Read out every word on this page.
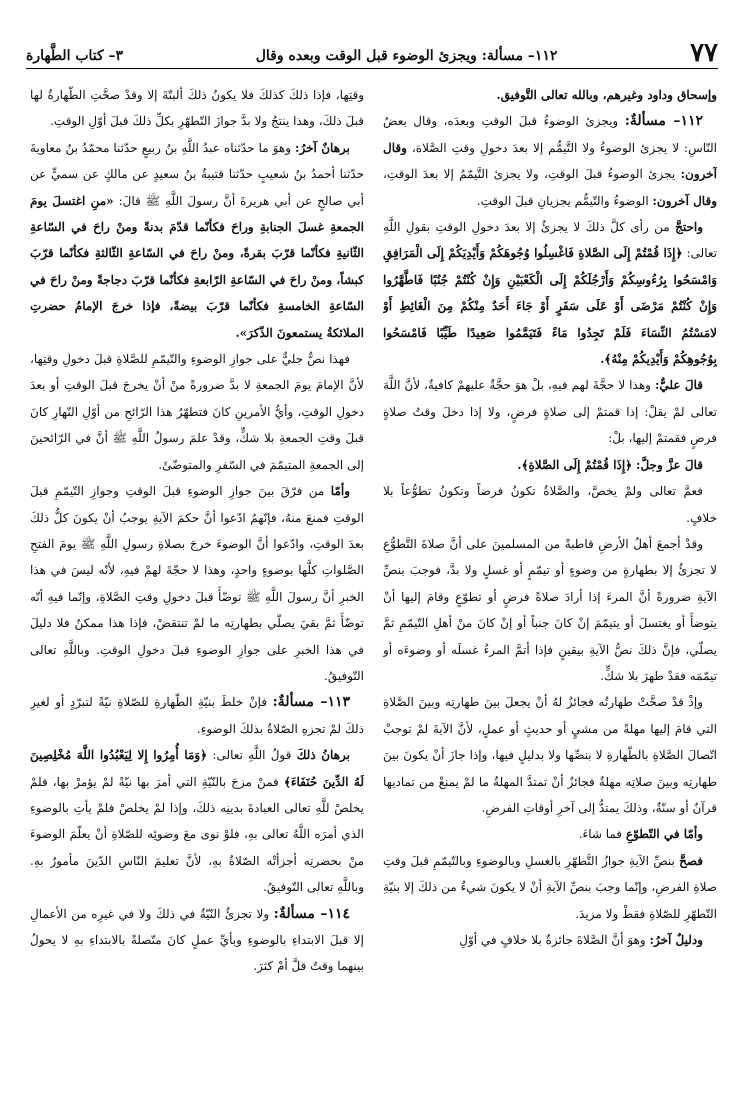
٧٧
١١٢– مسألة: ويجزئ الوضوء قبل الوقت وبعده وقال
٣– كتاب الطَّهارة

وإسحاق وداود وغيرهم، وبالله تعالى التَّوفيق.

١١٢– مسألةٌ: ويجزئ الوضوءُ قبلَ الوقتِ وبعدَه، وقال بعضُ النّاسِ: لا يجزئ الوضوءُ ولا التَّيمُّم إلا بعدَ دخولِ وقتِ الصَّلاة، وقال آخرون: يجزئ الوضوءُ قبلَ الوقتِ، ولا يجزئ التَّيمّمُ إلا بعدَ الوقتِ، وقال آخرون: الوضوءُ والتّيمُّم يجزيانِ قبلَ الوقتِ.

واحتجَّ من رأى كلَّ ذلكَ لا يجزئُ إلا بعدَ دخولِ الوقتِ بقولِ اللَّهِ تعالى: ﴿إِذَا قُمْتُمْ إِلَى الصَّلاةِ فَاغْسِلُوا وُجُوهَكُمْ وَأَيْدِيَكُمْ إِلَى الْمَرَافِقِ وَامْسَحُوا بِرُءُوسِكُمْ وَأَرْجُلَكُمْ إِلَى الْكَعْبَيْنِ وَإِنْ كُنْتُمْ جُنُبًا فَاطَّهَّرُوا وَإِنْ كُنْتُمْ مَرْضَى أَوْ عَلَى سَفَرٍ أَوْ جَاءَ أَحَدٌ مِنْكُمْ مِنَ الْغَائِطِ أَوْ لامَسْتُمُ النِّسَاءَ فَلَمْ تَجِدُوا مَاءً فَتَيَمَّمُوا صَعِيدًا طَيِّبًا فَامْسَحُوا بِوُجُوهِكُمْ وَأَيْدِيكُمْ مِنْهُ﴾.

قالَ عليٌّ: وهذا لا حجَّةَ لهم فيهِ، بلْ هوَ حجَّةٌ عليهمْ كافيةٌ، لأنَّ اللَّهَ تعالى لمْ يقلْ: إذا قمتمْ إلى صلاةٍ فرضٍ، ولا إذا دخلَ وقتُ صلاةٍ فرضٍ فقمتمْ إليها، بلْ:

قالَ عزَّ وجلَّ: ﴿إِذَا قُمْتُمْ إِلَى الصَّلاةِ﴾.

فعمَّ تعالى ولمْ يخصَّ، والصَّلاةُ تكونُ فرضاً وتكونُ تطوُّعاً بلا خلافٍ.

وقدْ أجمعَ أهلُ الأرضِ قاطبةً من المسلمينَ على أنَّ صلاةَ التَّطوُّعِ لا تجزئُ إلا بطهارةٍ من وضوءٍ أو تيمّمٍ أو غسلٍ ولا بدَّ، فوجبَ بنصِّ الآيةِ ضرورةً أنَّ المرءَ إذا أرادَ صلاةً فرضٍ أو تطوّعٍ وقامَ إليها أنْ يتوضأَ أو يغتسلَ أو يتيمّمَ إنْ كانَ جنباً أو إنْ كانَ منْ أهلِ التّيمّمِ ثمَّ يصلّي، فإنَّ ذلكَ نصُّ الآيةِ بيقينٍ فإذا أتمَّ المرءُ غسلَه أو وضوءَه أو تيمّمَه فقدْ طهرَ بلا شكٍّ.

وإذْ قدْ صحَّتْ طهارتُه فجائزٌ لهُ أنْ يجعلَ بينَ طهارتِه وبينَ الصَّلاةِ التي قامَ إليها مهلةً من مشيٍ أو حديثٍ أو عملٍ، لأنَّ الآيةَ لمْ توجبْ اتّصالَ الصَّلاةِ بالطّهارةِ لا بنصِّها ولا بدليلٍ فيها، وإذا جازَ أنْ يكونَ بينَ طهارتِه وبينَ صلاتِه مهلةٌ فجائزٌ أنْ تمتدَّ المهلةُ ما لمْ يمنعْ من تماديها قرآنٌ أو سنّةٌ، وذلكَ يمتدُّ إلى آخرِ أوقاتِ الفرضِ.

وأمّا في التّطوّعِ فما شاءَ.

فصحَّ بنصِّ الآيةِ جوازُ التَّطهّرِ بالغسلِ وبالوضوءِ وبالتّيمّمِ قبلَ وقتِ صلاةِ الفرضِ، وإنّما وجبَ بنصِّ الآيةِ أنْ لا يكونَ شيءٌ من ذلكَ إلا بنيّةِ التّطهّرِ للصّلاةِ فقطْ ولا مزيدَ.

ودليلٌ آخرُ: وهوَ أنَّ الصَّلاةَ جائزةٌ بلا خلافٍ في أوّلِ

وقتِها، فإذا ذلكَ كذلكَ فلا يكونُ ذلكَ ألبتّةَ إلا وقدْ صحَّتِ الطّهارةُ لها قبلَ ذلكَ، وهذا ينتجُ ولا بدَّ جوازَ التّطهّرِ بكلِّ ذلكَ قبلَ أوّلِ الوقتِ.

برهانٌ آخرُ: وهوَ ما حدّثناه عبدُ اللَّهِ بنُ ربيعٍ حدّثنا محمّدُ بنُ معاويةَ حدّثنا أحمدُ بنُ شعيبٍ حدّثنا قتيبةُ بنُ سعيدٍ عن مالكٍ عن سميٍّ عن أبي صالحٍ عن أبي هريرةَ أنَّ رسولَ اللَّهِ ﷺ قالَ: «منِ اغتسلَ يومَ الجمعةِ غسلَ الجنابةِ وراحَ فكأنّما قدّمَ بدنةً ومنْ راحَ في السّاعةِ الثّانيةِ فكأنّما قرّبَ بقرةً، ومنْ راحَ في السّاعةِ الثّالثةِ فكأنّما قرّبَ كبشاً، ومنْ راحَ في السّاعةِ الرّابعةِ فكأنّما قرّبَ دجاجةً ومنْ راحَ في السّاعةِ الخامسةِ فكأنّما قرّبَ بيضةً، فإذا خرجَ الإمامُ حضرتِ الملائكةُ يستمعونَ الذّكرَ».

فهذا نصٌّ جليٌّ على جوازِ الوضوءِ والتّيمّمِ للصَّلاةِ قبلَ دخولِ وقتِها، لأنَّ الإمامَ يومَ الجمعةِ لا بدَّ ضرورةً منْ أنْ يخرجَ قبلَ الوقتِ أو بعدَ دخولِ الوقتِ، وأيُّ الأمرينِ كانَ فتطهّرُ هذا الرّائحِ من أوّلِ النّهارِ كانَ قبلَ وقتِ الجمعةِ بلا شكٍّ، وقدْ علمَ رسولُ اللَّهِ ﷺ أنَّ في الرّائحينَ إلى الجمعةِ المتيمّمَ في السّفرِ والمتوضّئَ.

وأمّا من فرّقَ بينَ جوازِ الوضوءِ قبلَ الوقتِ وجوازِ التّيمّمِ قبلَ الوقتِ فمنعَ منهُ، فإنّهمُ ادّعوا أنَّ حكمَ الآيةِ يوجبُ أنْ يكونَ كلُّ ذلكَ بعدَ الوقتِ، وادّعوا أنَّ الوضوءَ خرجَ بصلاةِ رسولِ اللَّهِ ﷺ يومَ الفتحِ الصَّلواتِ كلَّها بوضوءٍ واحدٍ، وهذا لا حجّةَ لهمْ فيهِ، لأنّه ليسَ في هذا الخبرِ أنَّ رسولَ اللَّهِ ﷺ توضّأَ قبلَ دخولِ وقتِ الصَّلاةِ، وإنّما فيهِ أنّه توضّأَ ثمَّ بقيَ يصلّي بطهارتِه ما لمْ تنتقضْ، فإذا هذا ممكنٌ فلا دليلَ في هذا الخبرِ على جوازِ الوضوءِ قبلَ دخولِ الوقتِ. وباللَّهِ تعالى التّوفيقُ.

١١٣– مسألةٌ: فإنْ خلطَ بنيّةِ الطّهارةِ للصّلاةِ نيّةً لتبرّدٍ أو لغيرِ ذلكَ لمْ تجزهِ الصّلاةُ بذلكَ الوضوءِ.

برهانُ ذلكَ قولُ اللَّهِ تعالى: ﴿وَمَا أُمِرُوا إِلا لِيَعْبُدُوا اللَّهَ مُخْلِصِينَ لَهُ الدِّينَ حُنَفَاءَ﴾ فمنْ مزجَ بالنّيّةِ التي أمرَ بها نيّةً لمْ يؤمرْ بها، فلمْ يخلصْ للَّهِ تعالى العبادةَ بدينِه ذلكَ، وإذا لمْ يخلصْ فلمْ يأتِ بالوضوءِ الذي أمرَه اللَّهُ تعالى بهِ، فلوْ نوى معَ وضوئِه للصّلاةِ أنْ يعلّمَ الوضوءَ منْ بحضرتِه أجزأتْه الصّلاةُ بهِ، لأنَّ تعليمَ النّاسِ الدّينَ مأمورٌ بهِ. وباللَّهِ تعالى التّوفيقُ.

١١٤– مسألةٌ: ولا تجزئُ النّيّةُ في ذلكَ ولا في غيرِه من الأعمالِ إلا قبلَ الابتداءِ بالوضوءِ وبأيِّ عملٍ كانَ متّصلةً بالابتداءِ بهِ لا يحولُ بينهما وقتٌ قلَّ أمْ كثرَ.
